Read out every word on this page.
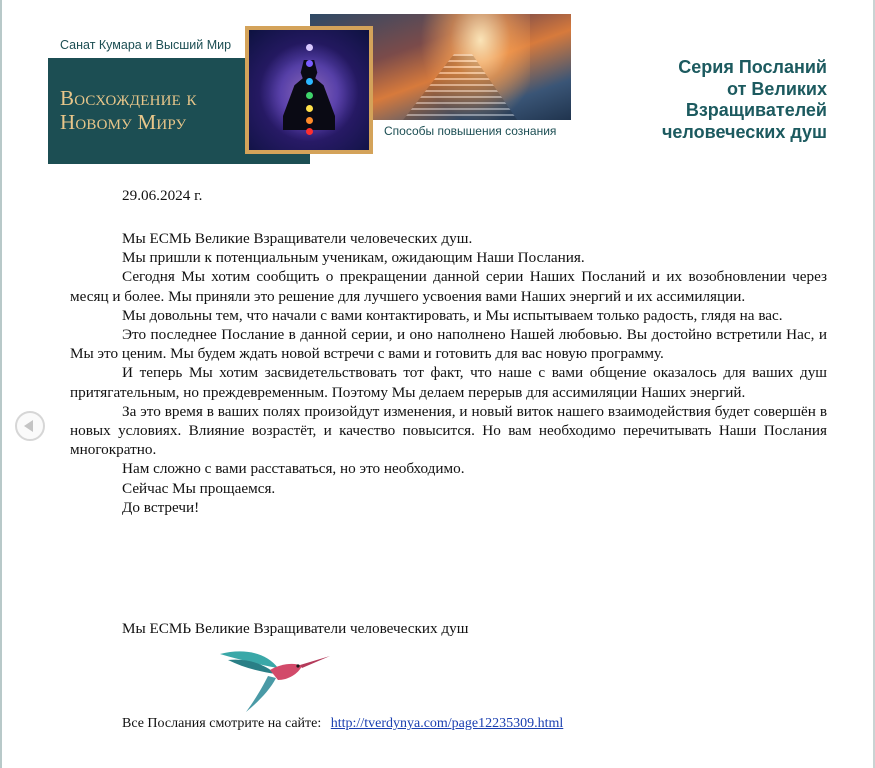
Санат Кумара и Высший Мир
Восхождение к Новому Миру	Способы повышения сознания
Серия Посланий
от Великих
Взращивателей
человеческих душ
29.06.2024 г.

Мы ЕСМЬ Великие Взращиватели человеческих душ.

Мы пришли к потенциальным ученикам, ожидающим Наши Послания.

Сегодня Мы хотим сообщить о прекращении данной серии Наших Посланий и их возобновлении через месяц и более. Мы приняли это решение для лучшего усвоения вами Наших энергий и их ассимиляции.

Мы довольны тем, что начали с вами контактировать, и Мы испытываем только радость, глядя на вас.

Это последнее Послание в данной серии, и оно наполнено Нашей любовью. Вы достойно встретили Нас, и Мы это ценим. Мы будем ждать новой встречи с вами и готовить для вас новую программу.

И теперь Мы хотим засвидетельствовать тот факт, что наше с вами общение оказалось для ваших душ притягательным, но преждевременным. Поэтому Мы делаем перерыв для ассимиляции Наших энергий.

За это время в ваших полях произойдут изменения, и новый виток нашего взаимодействия будет совершён в новых условиях. Влияние возрастёт, и качество повысится. Но вам необходимо перечитывать Наши Послания многократно.

Нам сложно с вами расставаться, но это необходимо.

Сейчас Мы прощаемся.

До встречи!

Мы ЕСМЬ Великие Взращиватели человеческих душ
Все Послания смотрите на сайте: http://tverdynya.com/page12235309.html
